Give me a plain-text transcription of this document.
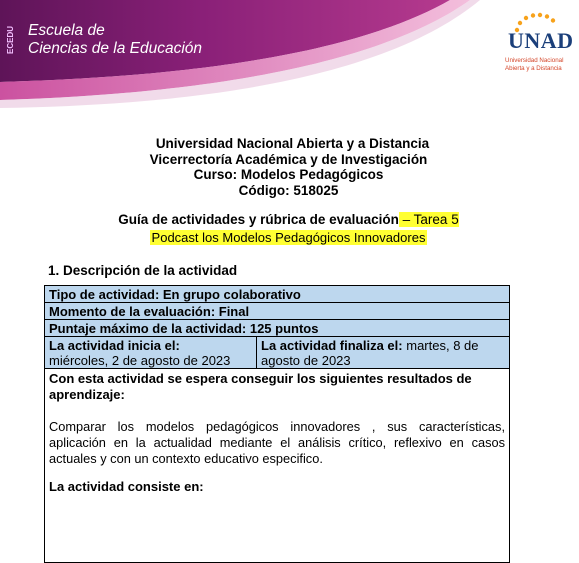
ECEDU Escuela de
Ciencias de la Educación	UNAD
Universidad Nacional
Abierta y a Distancia
Universidad Nacional Abierta y a Distancia
Vicerrectoría Académica y de Investigación
Curso: Modelos Pedagógicos
Código: 518025
Guía de actividades y rúbrica de evaluación – Tarea 5
Podcast los Modelos Pedagógicos Innovadores
1. Descripción de la actividad
Tipo de actividad: En grupo colaborativo
Momento de la evaluación: Final
Puntaje máximo de la actividad: 125 puntos
La actividad inicia el:
miércoles, 2 de agosto de 2023	La actividad finaliza el: martes, 8 de agosto de 2023

Con esta actividad se espera conseguir los siguientes resultados de aprendizaje:
Comparar los modelos pedagógicos innovadores , sus características, aplicación en la actualidad mediante el análisis crítico, reflexivo en casos actuales y con un contexto educativo especifico.
La actividad consiste en:
